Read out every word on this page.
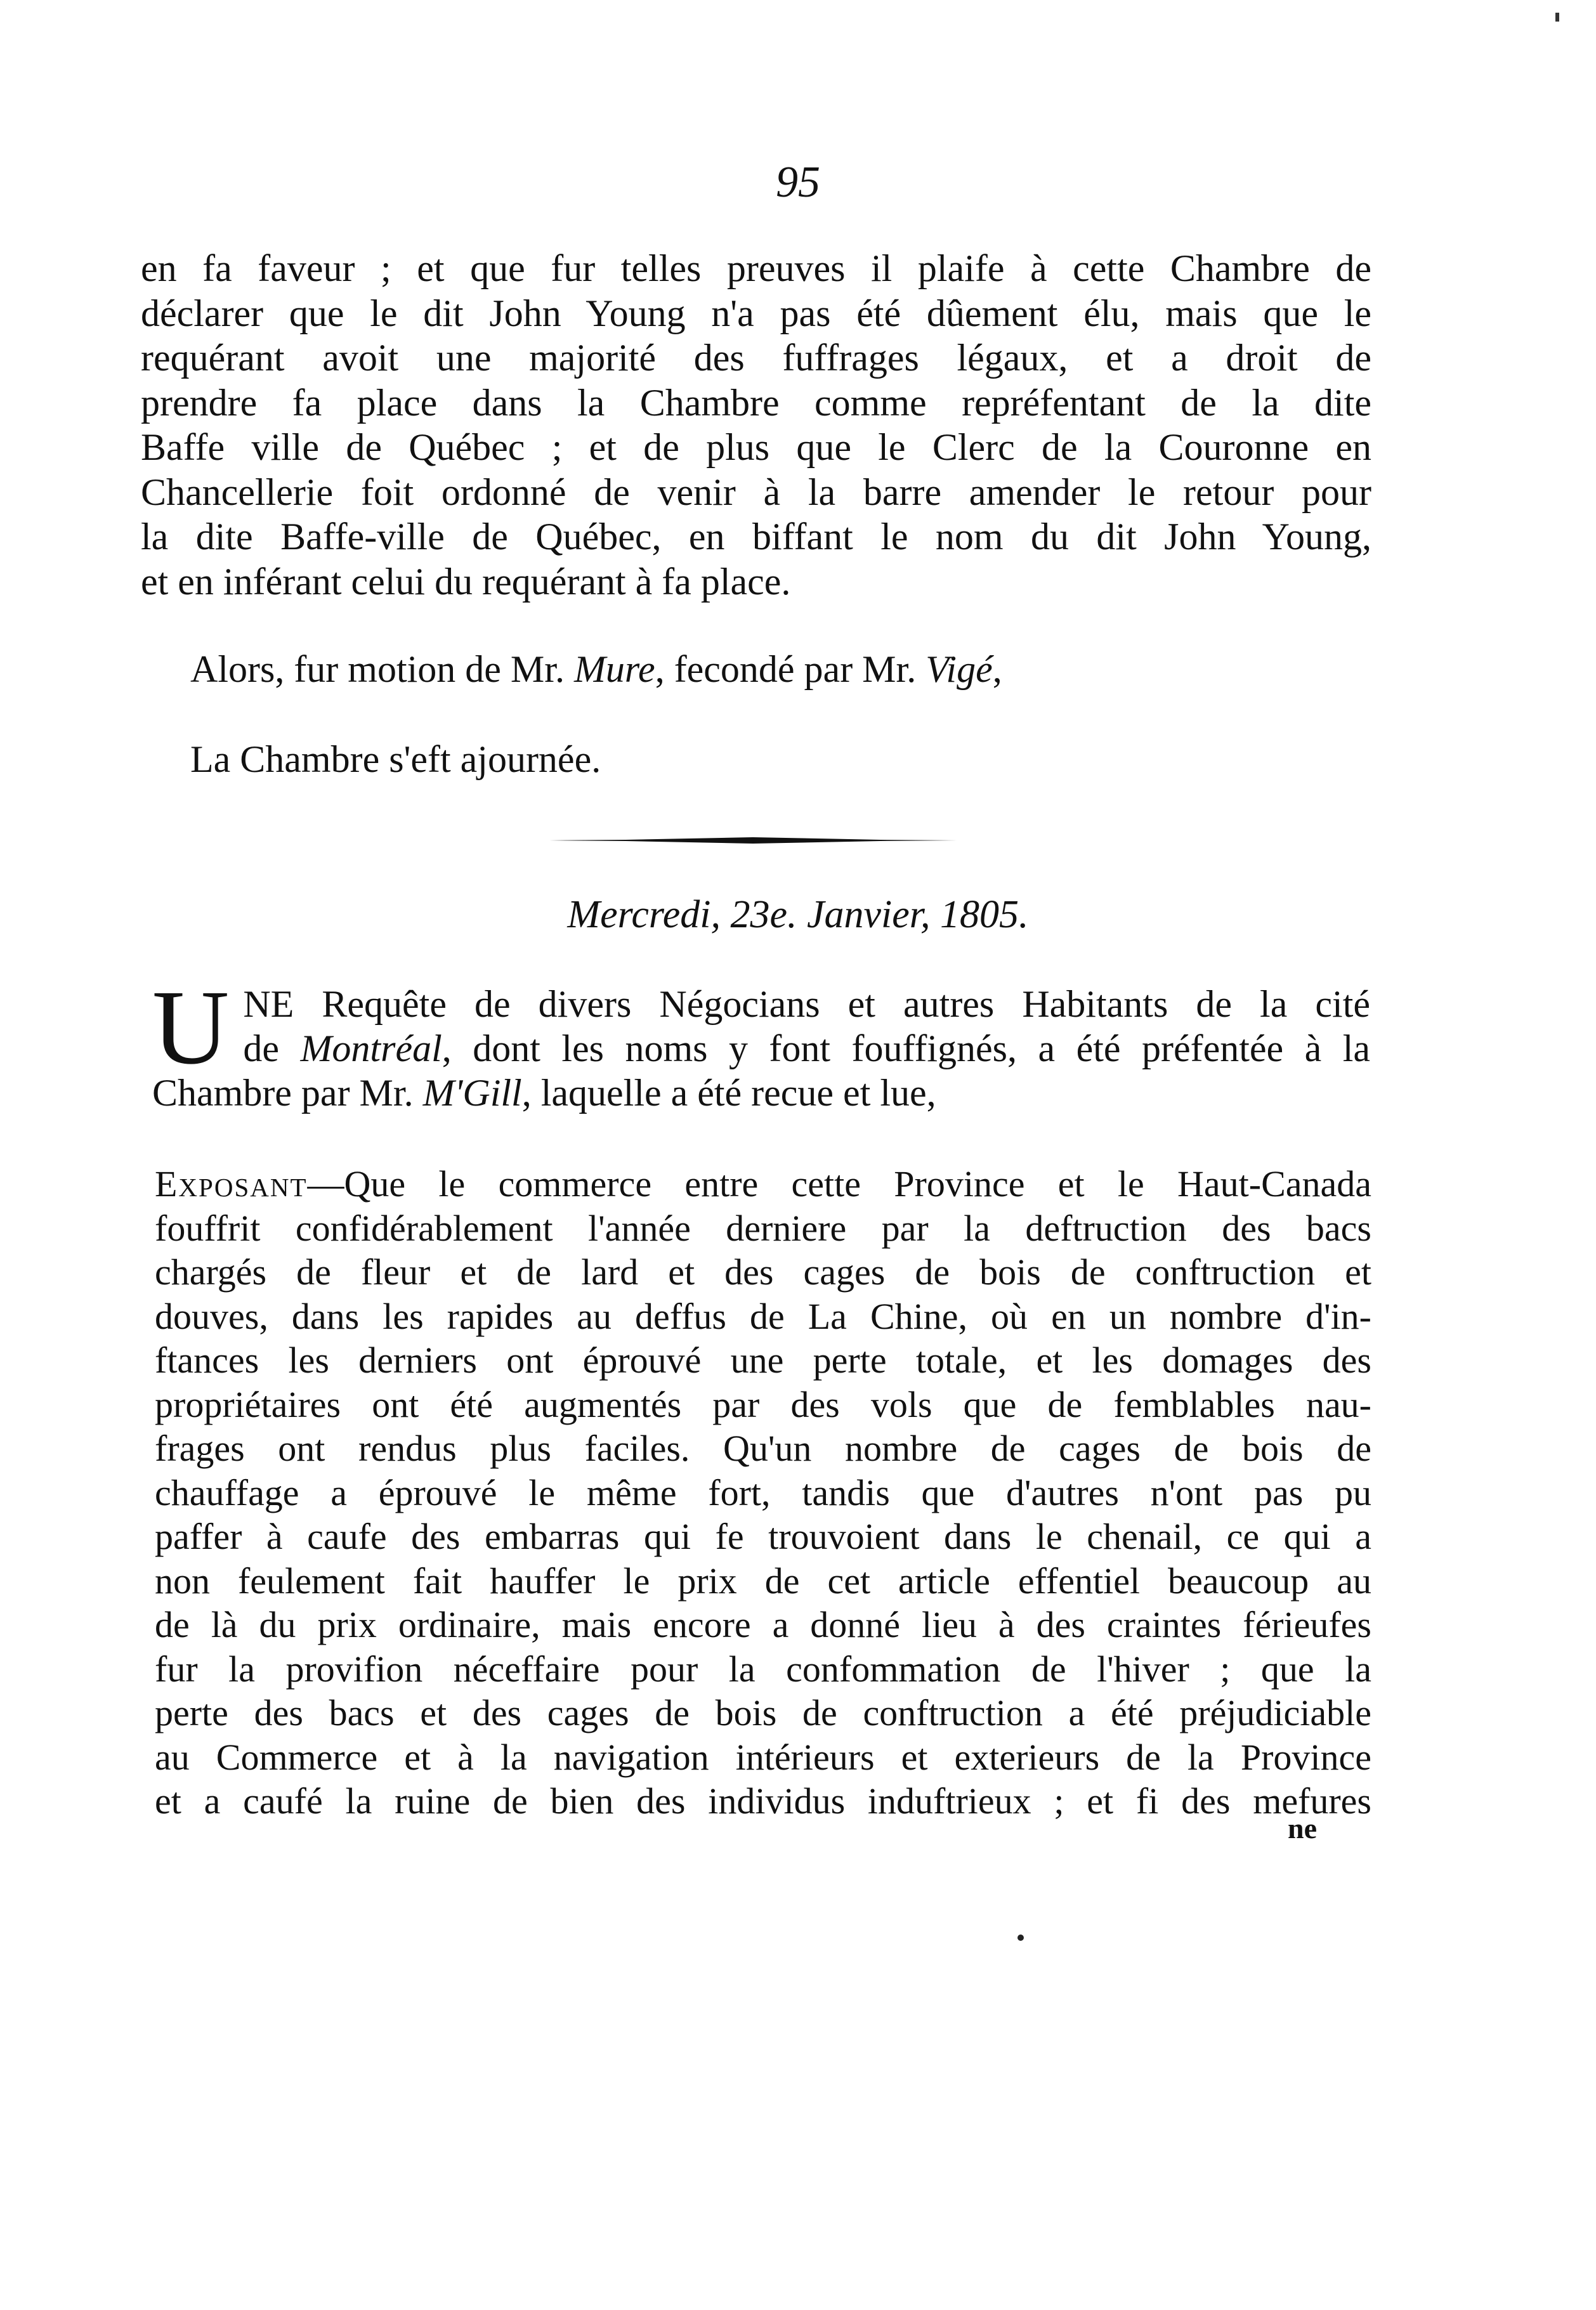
95
en fa faveur ; et que fur telles preuves il plaife à cette Chambre de
déclarer que le dit John Young n'a pas été dûement élu, mais que le
requérant avoit une majorité des fuffrages légaux, et a droit de
prendre fa place dans la Chambre comme repréfentant de la dite
Baffe ville de Québec ; et de plus que le Clerc de la Couronne en
Chancellerie foit ordonné de venir à la barre amender le retour pour
la dite Baffe-ville de Québec, en biffant le nom du dit John Young,
et en inférant celui du requérant à fa place.
Alors, fur motion de Mr. Mure, fecondé par Mr. Vigé,
La Chambre s'eft ajournée.
Mercredi, 23e. Janvier, 1805.
U NE Requête de divers Négocians et autres Habitants de la cité
de Montréal, dont les noms y font fouffignés, a été préfentée à la
Chambre par Mr. M'Gill, laquelle a été recue et lue,
Exposant—Que le commerce entre cette Province et le Haut-Canada
fouffrit confidérablement l'année derniere par la deftruction des bacs
chargés de fleur et de lard et des cages de bois de conftruction et
douves, dans les rapides au deffus de La Chine, où en un nombre d'in-
ftances les derniers ont éprouvé une perte totale, et les domages des
propriétaires ont été augmentés par des vols que de femblables nau-
frages ont rendus plus faciles. Qu'un nombre de cages de bois de
chauffage a éprouvé le même fort, tandis que d'autres n'ont pas pu
paffer à caufe des embarras qui fe trouvoient dans le chenail, ce qui a
non feulement fait hauffer le prix de cet article effentiel beaucoup au
de là du prix ordinaire, mais encore a donné lieu à des craintes férieufes
fur la provifion néceffaire pour la confommation de l'hiver ; que la
perte des bacs et des cages de bois de conftruction a été préjudiciable
au Commerce et à la navigation intérieurs et exterieurs de la Province
et a caufé la ruine de bien des individus induftrieux ; et fi des mefures
ne
